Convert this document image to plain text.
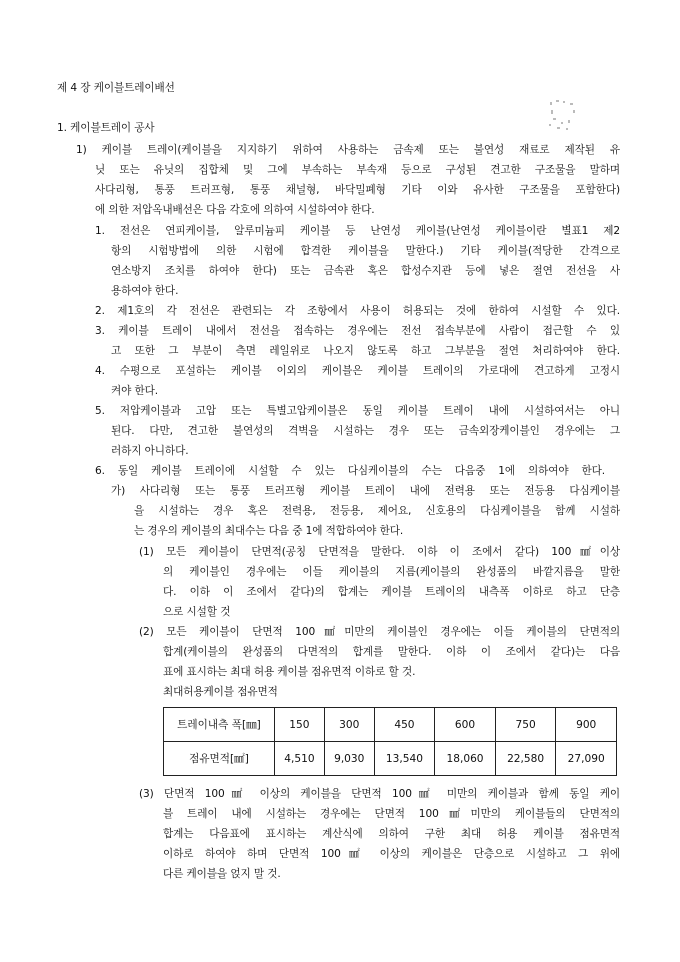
제 4 장 케이블트레이배선
1. 케이블트레이 공사
1) 케이블 트레이(케이블을 지지하기 위하여 사용하는 금속제 또는 불연성 재료로 제작된 유
닛 또는 유닛의 집합체 및 그에 부속하는 부속재 등으로 구성된 견고한 구조물을 말하며
사다리형, 통풍 트러프형, 통풍 채널형, 바닥밀폐형 기타 이와 유사한 구조물을 포함한다)
에 의한 저압옥내배선은 다음 각호에 의하여 시설하여야 한다.
1. 전선은 연피케이블, 알루미늄피 케이블 등 난연성 케이블(난연성 케이블이란 별표1 제2
항의 시험방법에 의한 시험에 합격한 케이블을 말한다.) 기타 케이블(적당한 간격으로
연소방지 조치를 하여야 한다) 또는 금속관 혹은 합성수지관 등에 넣은 절연 전선을 사
용하여야 한다.
2. 제1호의 각 전선은 관련되는 각 조항에서 사용이 허용되는 것에 한하여 시설할 수 있다.
3. 케이블 트레이 내에서 전선을 접속하는 경우에는 전선 접속부분에 사람이 접근할 수 있
고 또한 그 부분이 측면 레일위로 나오지 않도록 하고 그부분을 절연 처리하여야 한다.
4. 수평으로 포설하는 케이블 이외의 케이블은 케이블 트레이의 가로대에 견고하게 고정시
켜야 한다.
5. 저압케이블과 고압 또는 특별고압케이블은 동일 케이블 트레이 내에 시설하여서는 아니
된다. 다만, 견고한 불연성의 격벽을 시설하는 경우 또는 금속외장케이블인 경우에는 그
러하지 아니하다.
6. 동일 케이블 트레이에 시설할 수 있는 다심케이블의 수는 다음중 1에 의하여야 한다.
가) 사다리형 또는 통풍 트러프형 케이블 트레이 내에 전력용 또는 전등용 다심케이블
을 시설하는 경우 혹은 전력용, 전등용, 제어요, 신호용의 다심케이블을 함께 시설하
는 경우의 케이블의 최대수는 다음 중 1에 적합하여야 한다.
(1) 모든 케이블이 단면적(공칭 단면적을 말한다. 이하 이 조에서 같다) 100㎟이상
의 케이블인 경우에는 이들 케이블의 지름(케이블의 완성품의 바깥지름을 말한
다. 이하 이 조에서 같다)의 합계는 케이블 트레이의 내측폭 이하로 하고 단층
으로 시설할 것
(2) 모든 케이블이 단면적 100㎟미만의 케이블인 경우에는 이들 케이블의 단면적의
합계(케이블의 완성품의 다면적의 합계를 말한다. 이하 이 조에서 같다)는 다음
표에 표시하는 최대 허용 케이블 점유면적 이하로 할 것.
최대허용케이블 점유면적
트레이내측 폭[㎜]	150	300	450	600	750	900
점유면적[㎟]	4,510	9,030	13,540	18,060	22,580	27,090
(3) 단면적 100㎟ 이상의 케이블을 단면적 100㎟ 미만의 케이블과 함께 동일 케이
블 트레이 내에 시설하는 경우에는 단면적 100㎟미만의 케이블들의 단면적의
합계는 다음표에 표시하는 계산식에 의하여 구한 최대 허용 케이블 점유면적
이하로 하여야 하며 단면적 100㎟ 이상의 케이블은 단층으로 시설하고 그 위에
다른 케이블을 얹지 말 것.
